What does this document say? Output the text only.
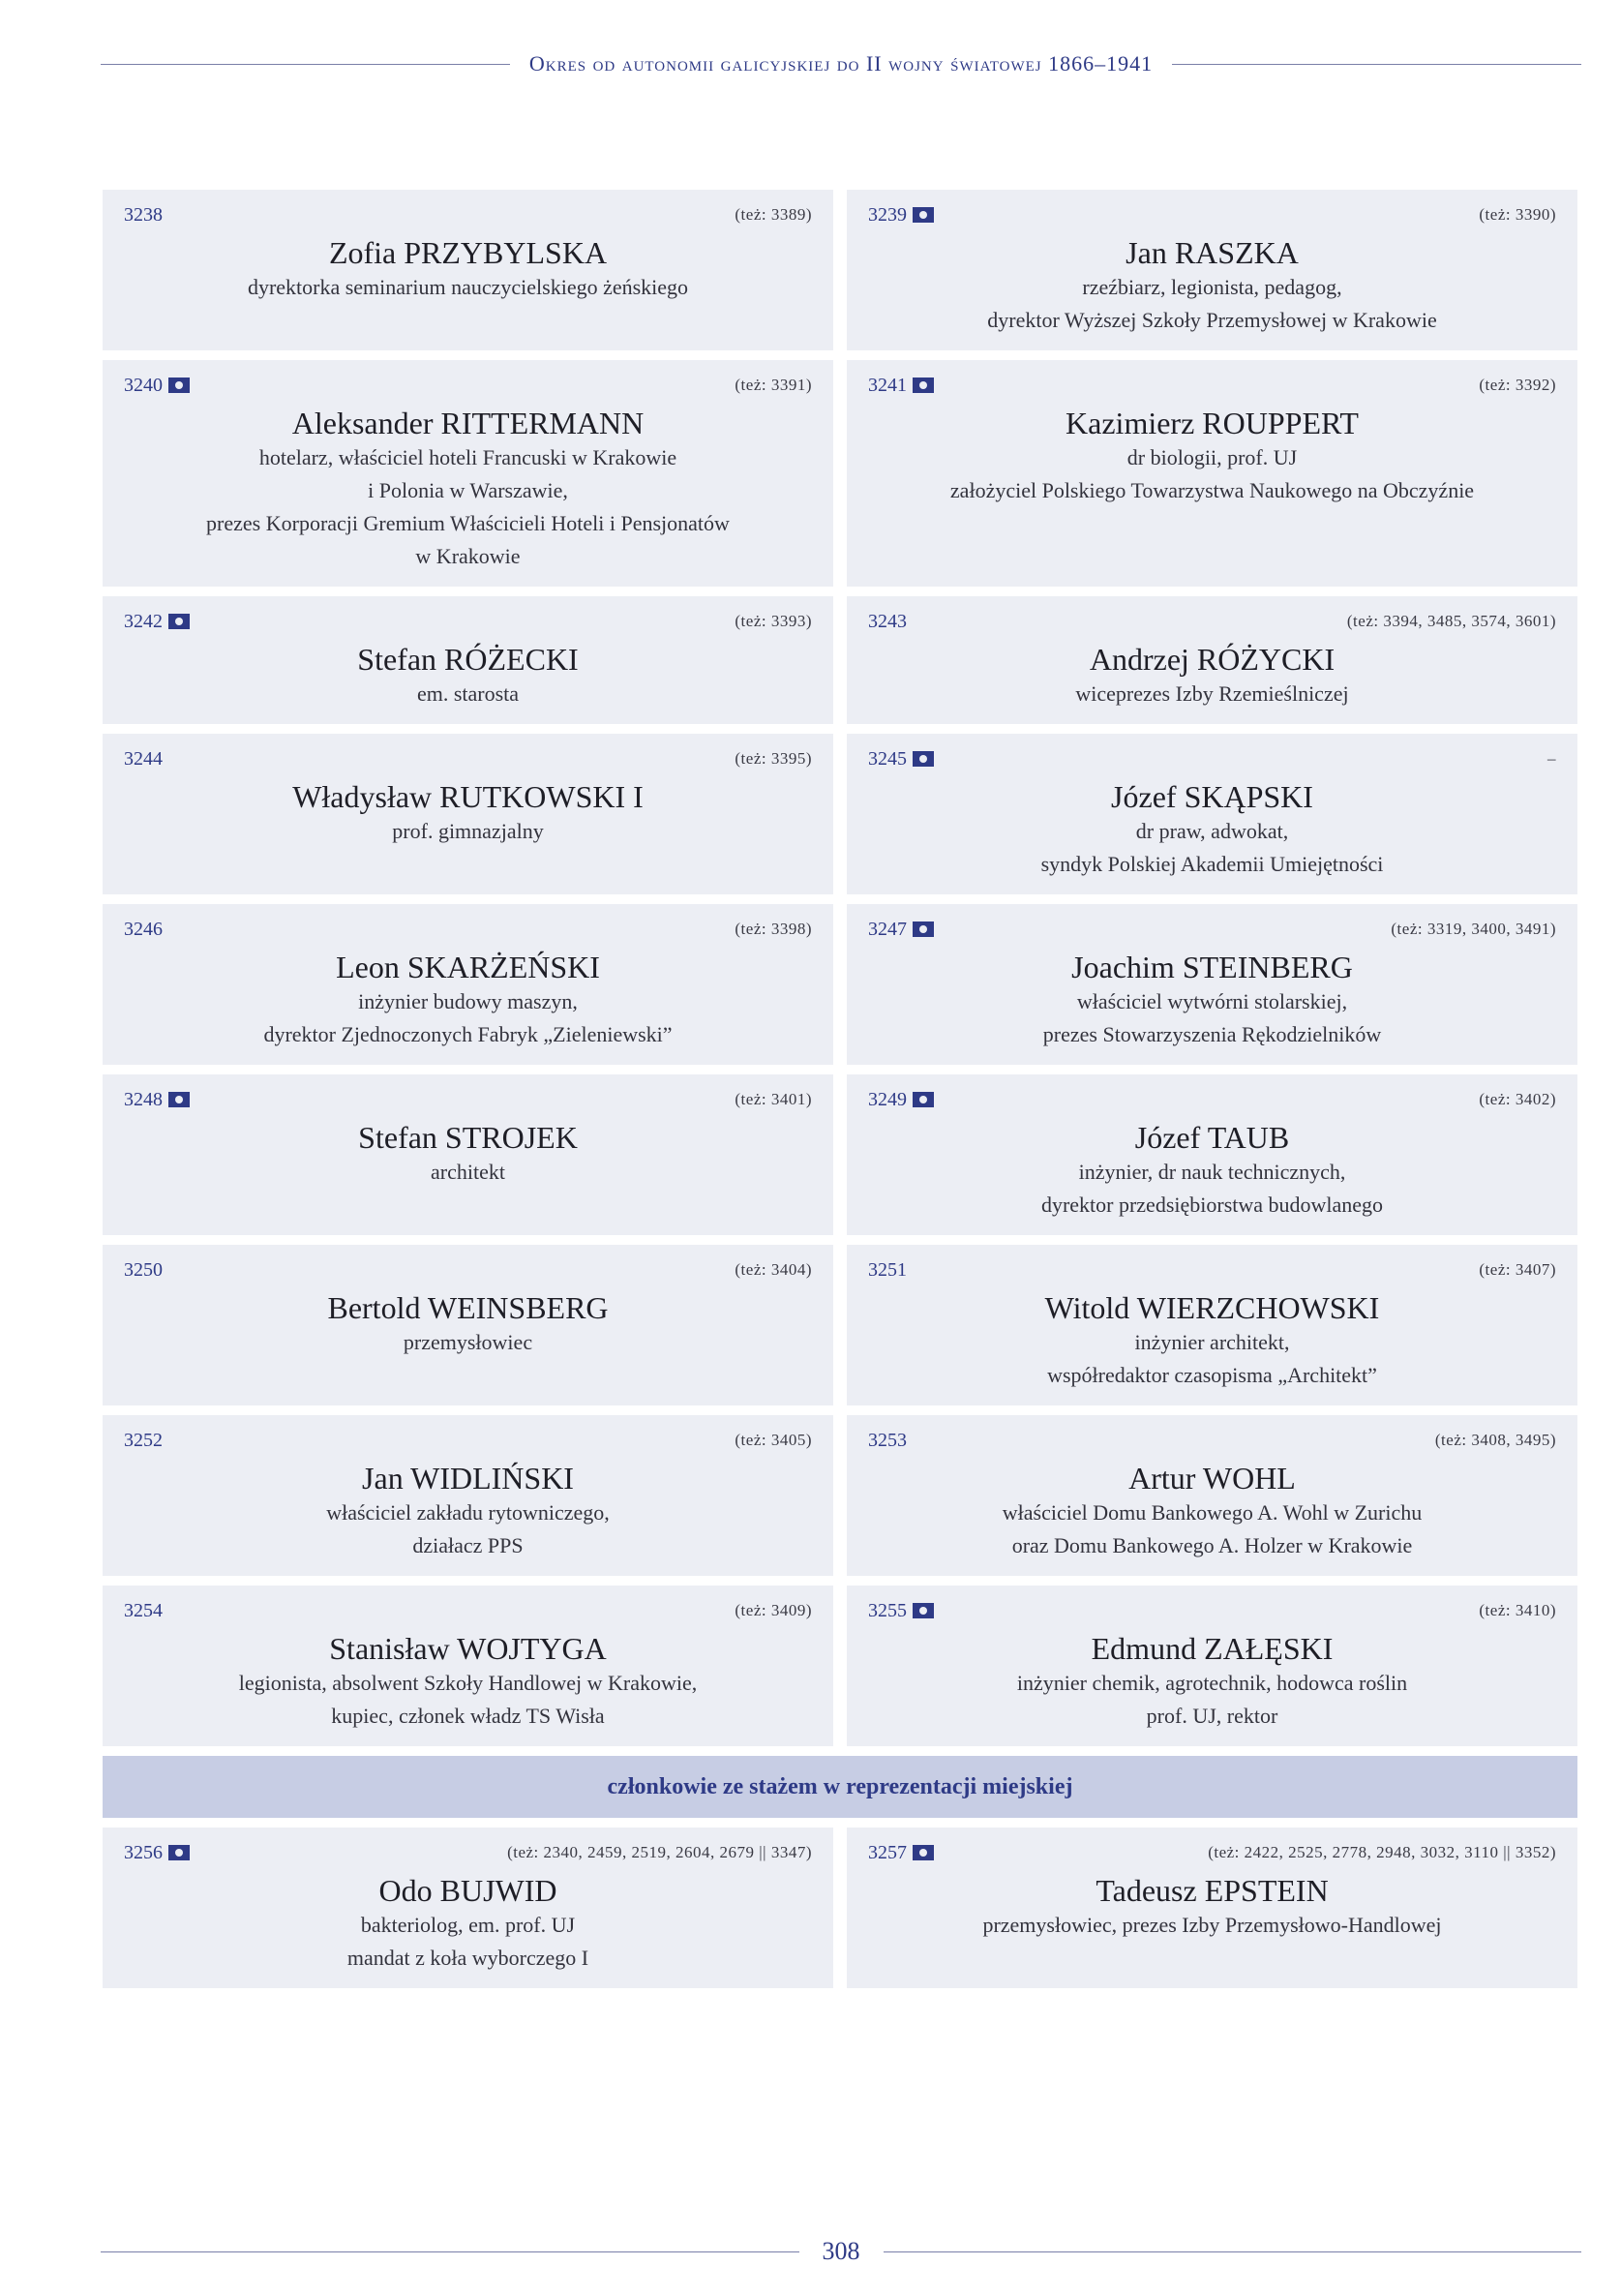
Okres od autonomii galicyjskiej do II wojny światowej 1866–1941
3238	(też: 3389)
Zofia PRZYBYLSKA
dyrektorka seminarium nauczycielskiego żeńskiego
3239	(też: 3390)
Jan RASZKA
rzeźbiarz, legionista, pedagog,
dyrektor Wyższej Szkoły Przemysłowej w Krakowie
3240	(też: 3391)
Aleksander RITTERMANN
hotelarz, właściciel hoteli Francuski w Krakowie
i Polonia w Warszawie,
prezes Korporacji Gremium Właścicieli Hoteli i Pensjonatów
w Krakowie
3241	(też: 3392)
Kazimierz ROUPPERT
dr biologii, prof. UJ
założyciel Polskiego Towarzystwa Naukowego na Obczyźnie
3242	(też: 3393)
Stefan RÓŻECKI
em. starosta
3243	(też: 3394, 3485, 3574, 3601)
Andrzej RÓŻYCKI
wiceprezes Izby Rzemieślniczej
3244	(też: 3395)
Władysław RUTKOWSKI I
prof. gimnazjalny
3245	–
Józef SKĄPSKI
dr praw, adwokat,
syndyk Polskiej Akademii Umiejętności
3246	(też: 3398)
Leon SKARŻEŃSKI
inżynier budowy maszyn,
dyrektor Zjednoczonych Fabryk „Zieleniewski”
3247	(też: 3319, 3400, 3491)
Joachim STEINBERG
właściciel wytwórni stolarskiej,
prezes Stowarzyszenia Rękodzielników
3248	(też: 3401)
Stefan STROJEK
architekt
3249	(też: 3402)
Józef TAUB
inżynier, dr nauk technicznych,
dyrektor przedsiębiorstwa budowlanego
3250	(też: 3404)
Bertold WEINSBERG
przemysłowiec
3251	(też: 3407)
Witold WIERZCHOWSKI
inżynier architekt,
współredaktor czasopisma „Architekt”
3252	(też: 3405)
Jan WIDLIŃSKI
właściciel zakładu rytowniczego,
działacz PPS
3253	(też: 3408, 3495)
Artur WOHL
właściciel Domu Bankowego A. Wohl w Zurichu
oraz Domu Bankowego A. Holzer w Krakowie
3254	(też: 3409)
Stanisław WOJTYGA
legionista, absolwent Szkoły Handlowej w Krakowie,
kupiec, członek władz TS Wisła
3255	(też: 3410)
Edmund ZAŁĘSKI
inżynier chemik, agrotechnik, hodowca roślin
prof. UJ, rektor
członkowie ze stażem w reprezentacji miejskiej
3256	(też: 2340, 2459, 2519, 2604, 2679 || 3347)
Odo BUJWID
bakteriolog, em. prof. UJ
mandat z koła wyborczego I
3257	(też: 2422, 2525, 2778, 2948, 3032, 3110 || 3352)
Tadeusz EPSTEIN
przemysłowiec, prezes Izby Przemysłowo-Handlowej
308
